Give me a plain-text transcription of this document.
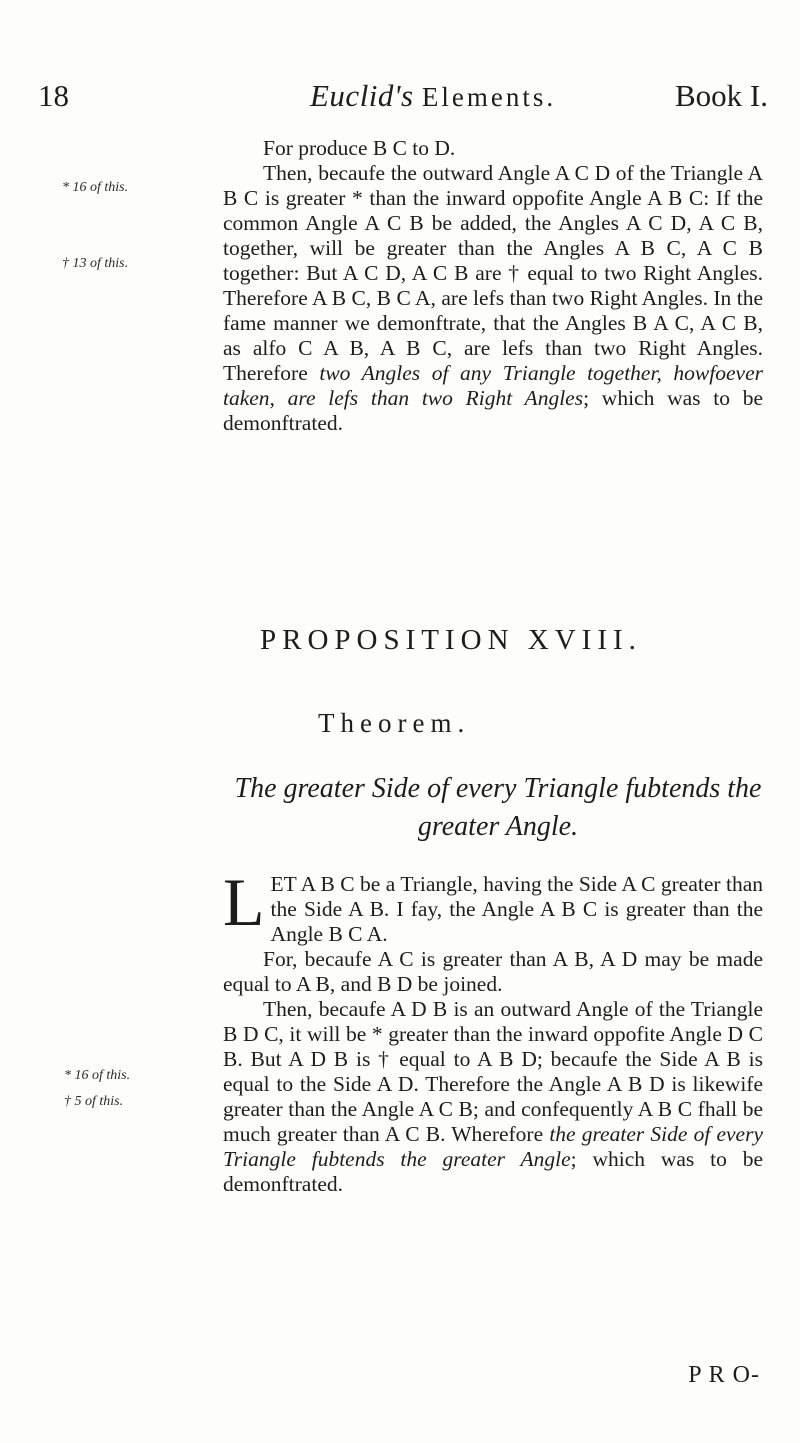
18	Euclid's Elements.	Book I.
* 16 of this.
† 13 of this.

For produce B C to D.

Then, becaufe the outward Angle A C D of the Triangle A B C is greater * than the inward oppofite Angle A B C: If the common Angle A C B be added, the Angles A C D, A C B, together, will be greater than the Angles A B C, A C B together: But A C D, A C B are † equal to two Right Angles. Therefore A B C, B C A, are lefs than two Right Angles. In the fame manner we demonftrate, that the Angles B A C, A C B, as alfo C A B, A B C, are lefs than two Right Angles. Therefore two Angles of any Triangle together, howfoever taken, are lefs than two Right Angles; which was to be demonftrated.

PROPOSITION XVIII.
Theorem.
The greater Side of every Triangle fubtends the greater Angle.

LET A B C be a Triangle, having the Side A C greater than the Side A B. I fay, the Angle A B C is greater than the Angle B C A.

For, becaufe A C is greater than A B, A D may be made equal to A B, and B D be joined.

Then, becaufe A D B is an outward Angle of the Triangle B D C, it will be * greater than the inward oppofite Angle D C B. But A D B is † equal to A B D; becaufe the Side A B is equal to the Side A D. Therefore the Angle A B D is likewife greater than the Angle A C B; and confequently A B C fhall be much greater than A C B. Wherefore the greater Side of every Triangle fubtends the greater Angle; which was to be demonftrated.

* 16 of this.
† 5 of this.
P R O-
